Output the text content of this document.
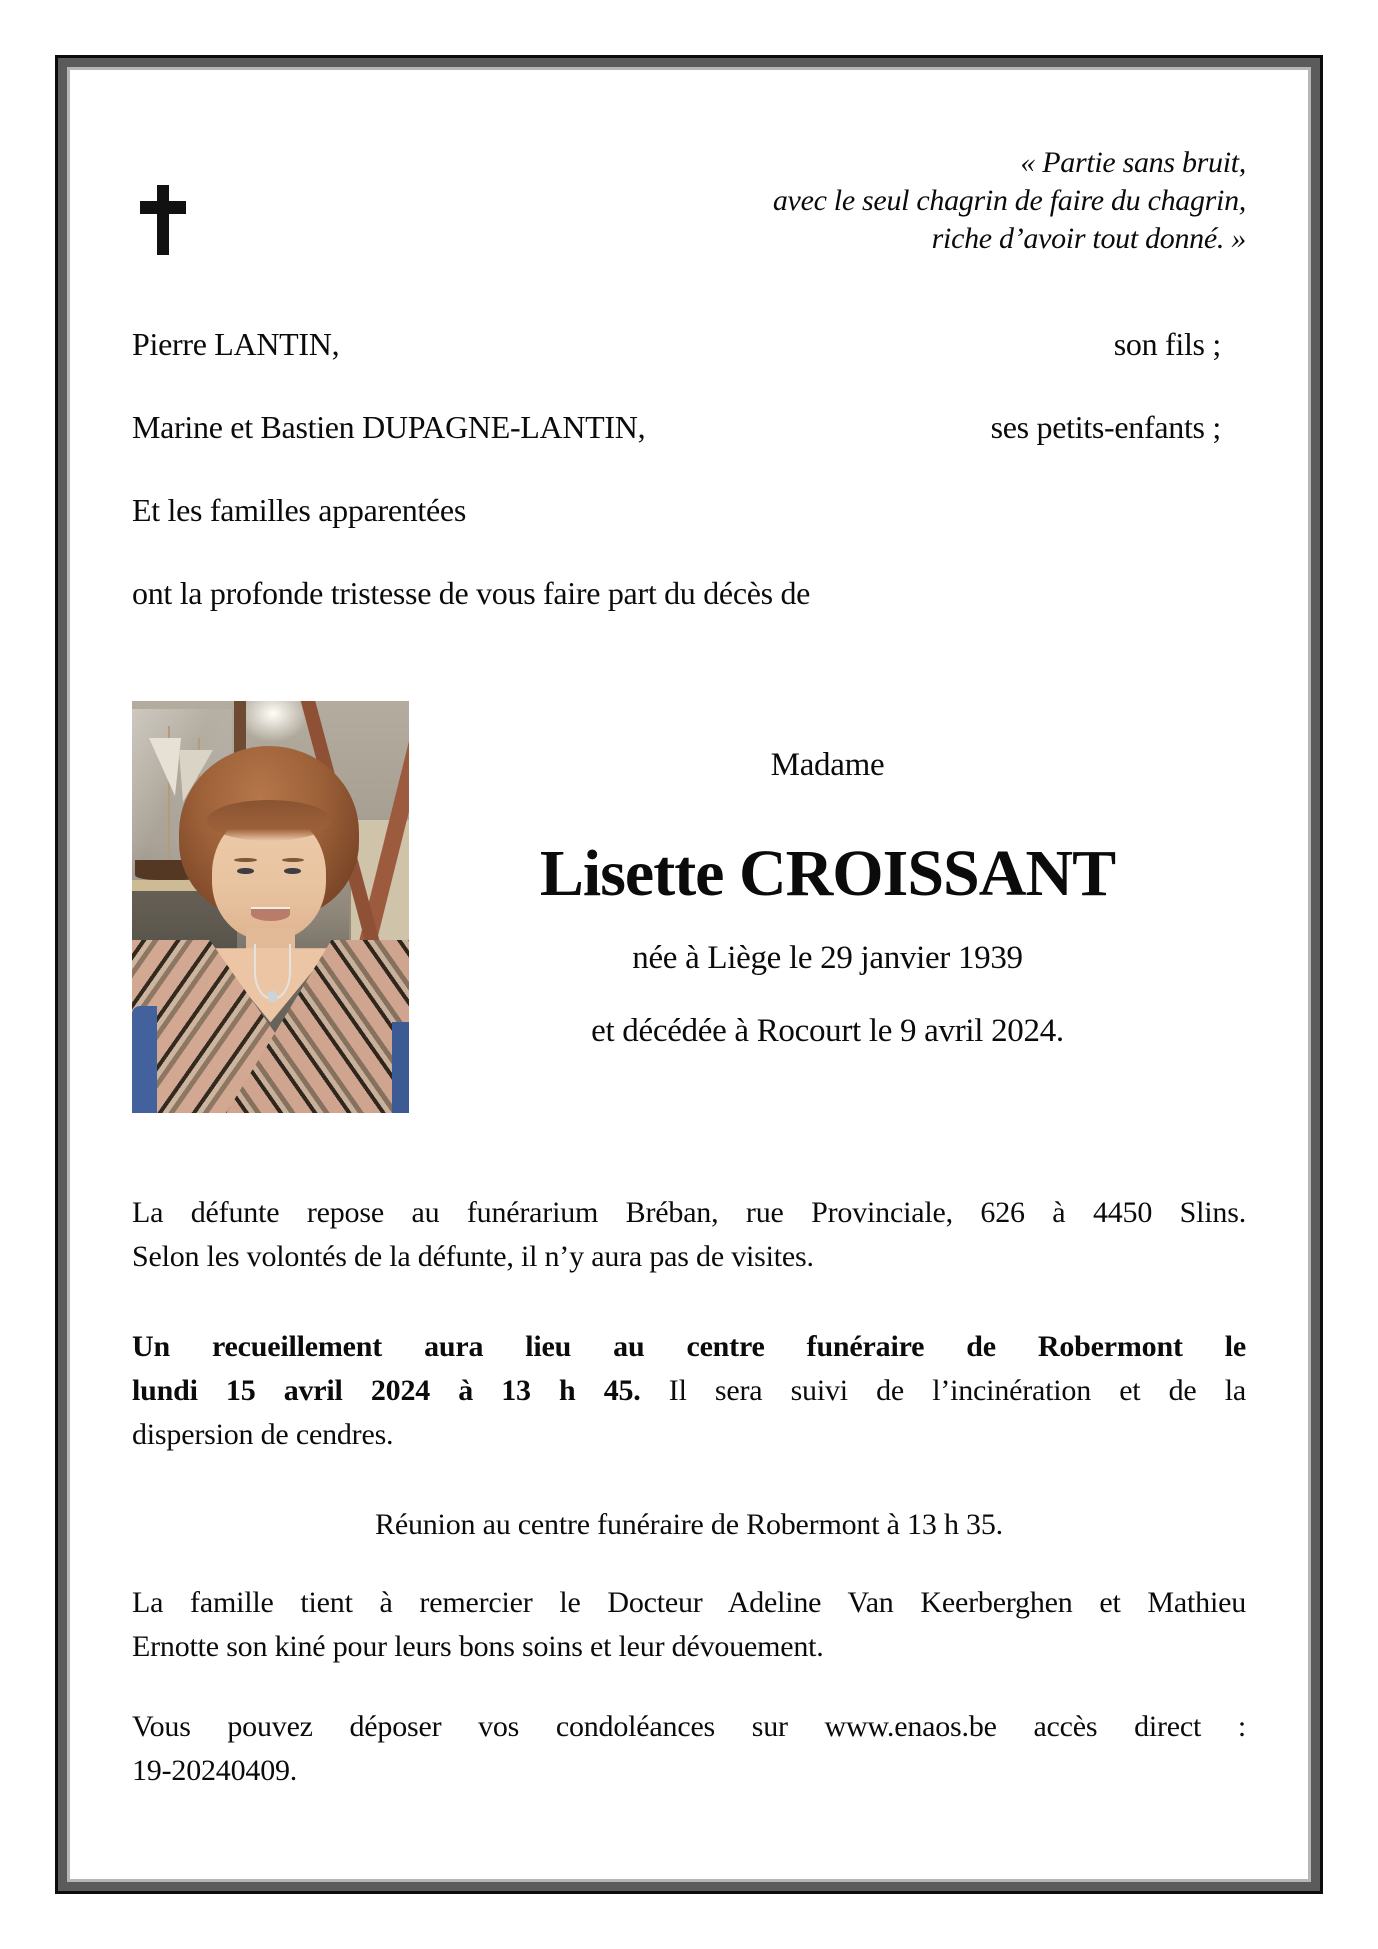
« Partie sans bruit,
avec le seul chagrin de faire du chagrin,
riche d’avoir tout donné. »
Pierre LANTIN,	son fils ;
Marine et Bastien DUPAGNE-LANTIN,	ses petits-enfants ;
Et les familles apparentées
ont la profonde tristesse de vous faire part du décès de
Madame
Lisette CROISSANT
née à Liège le 29 janvier 1939
et décédée à Rocourt le 9 avril 2024.
La défunte repose au funérarium Bréban, rue Provinciale, 626 à 4450 Slins.
Selon les volontés de la défunte, il n’y aura pas de visites.
Un recueillement aura lieu au centre funéraire de Robermont le
lundi 15 avril 2024 à 13 h 45. Il sera suivi de l’incinération et de la
dispersion de cendres.
Réunion au centre funéraire de Robermont à 13 h 35.
La famille tient à remercier le Docteur Adeline Van Keerberghen et Mathieu
Ernotte son kiné pour leurs bons soins et leur dévouement.
Vous pouvez déposer vos condoléances sur www.enaos.be accès direct :
19-20240409.
